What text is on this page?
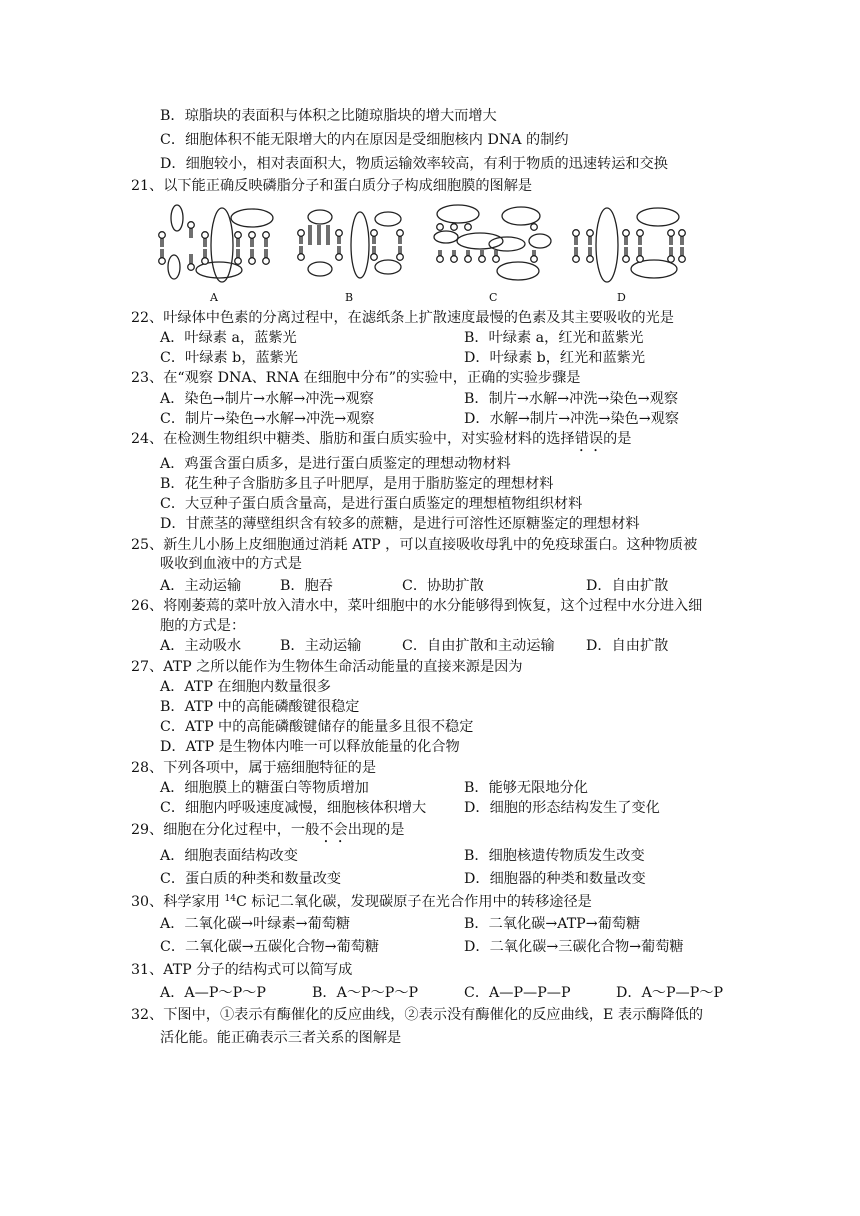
B．琼脂块的表面积与体积之比随琼脂块的增大而增大
C．细胞体积不能无限增大的内在原因是受细胞核内 DNA 的制约
D．细胞较小，相对表面积大，物质运输效率较高，有利于物质的迅速转运和交换
21、以下能正确反映磷脂分子和蛋白质分子构成细胞膜的图解是
A	B	C	D
22、叶绿体中色素的分离过程中，在滤纸条上扩散速度最慢的色素及其主要吸收的光是
A．叶绿素 a，蓝紫光	B．叶绿素 a，红光和蓝紫光
C．叶绿素 b，蓝紫光	D．叶绿素 b，红光和蓝紫光
23、在“观察 DNA、RNA 在细胞中分布”的实验中，正确的实验步骤是
A．染色→制片→水解→冲洗→观察	B．制片→水解→冲洗→染色→观察
C．制片→染色→水解→冲洗→观察	D．水解→制片→冲洗→染色→观察
24、在检测生物组织中糖类、脂肪和蛋白质实验中，对实验材料的选择错误的是
A．鸡蛋含蛋白质多，是进行蛋白质鉴定的理想动物材料
B．花生种子含脂肪多且子叶肥厚，是用于脂肪鉴定的理想材料
C．大豆种子蛋白质含量高，是进行蛋白质鉴定的理想植物组织材料
D．甘蔗茎的薄壁组织含有较多的蔗糖，是进行可溶性还原糖鉴定的理想材料
25、新生儿小肠上皮细胞通过消耗 ATP ，可以直接吸收母乳中的免疫球蛋白。这种物质被
吸收到血液中的方式是
A．主动运输	B．胞吞	C．协助扩散	D．自由扩散
26、将刚萎蔫的菜叶放入清水中，菜叶细胞中的水分能够得到恢复，这个过程中水分进入细
胞的方式是：
A．主动吸水	B．主动运输	C．自由扩散和主动运输 D．自由扩散
27、ATP 之所以能作为生物体生命活动能量的直接来源是因为
A．ATP 在细胞内数量很多
B．ATP 中的高能磷酸键很稳定
C．ATP 中的高能磷酸键储存的能量多且很不稳定
D．ATP 是生物体内唯一可以释放能量的化合物
28、下列各项中，属于癌细胞特征的是
A．细胞膜上的糖蛋白等物质增加	B．能够无限地分化
C．细胞内呼吸速度减慢，细胞核体积增大	D．细胞的形态结构发生了变化
29、细胞在分化过程中，一般不会出现的是
A．细胞表面结构改变	B．细胞核遗传物质发生改变
C．蛋白质的种类和数量改变	D．细胞器的种类和数量改变
30、科学家用 $^{14}$C 标记二氧化碳，发现碳原子在光合作用中的转移途径是
A．二氧化碳→叶绿素→葡萄糖	B．二氧化碳→ATP→葡萄糖
C．二氧化碳→五碳化合物→葡萄糖	D．二氧化碳→三碳化合物→葡萄糖
31、ATP 分子的结构式可以简写成
A．A—P～P～P	B．A～P～P～P	C．A—P—P—P	D．A～P—P～P
32、下图中，①表示有酶催化的反应曲线，②表示没有酶催化的反应曲线，E 表示酶降低的
活化能。能正确表示三者关系的图解是
